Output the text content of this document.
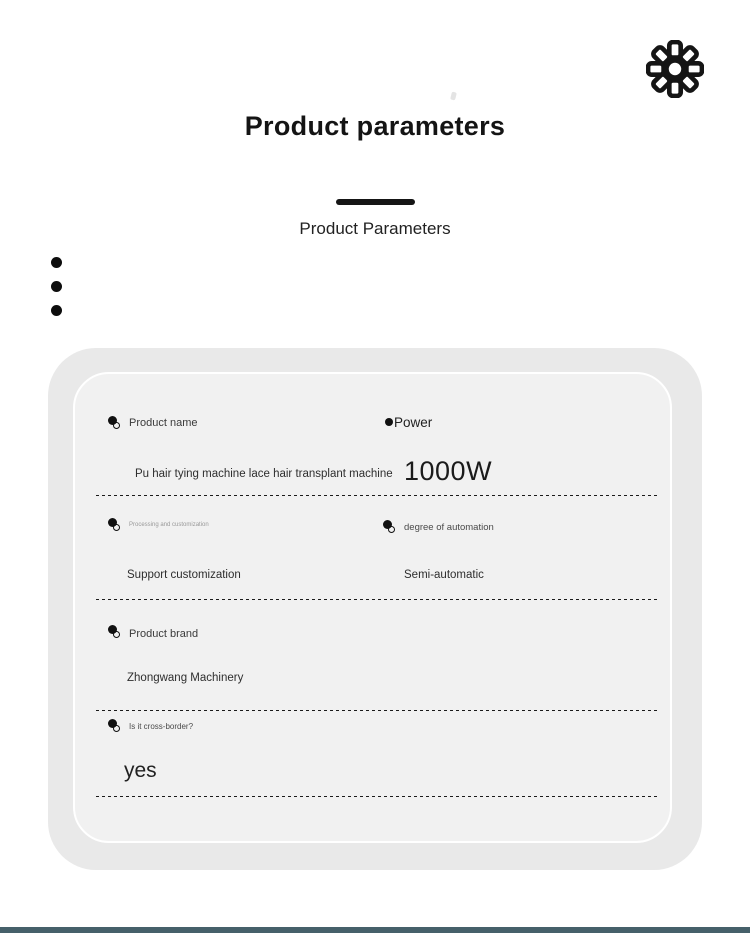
Product parameters
Product Parameters
Product name	Power
Pu hair tying machine lace hair transplant machine 1000W
Processing and customization	degree of automation
Support customization	Semi-automatic
Product brand
Zhongwang Machinery
Is it cross-border?
yes
